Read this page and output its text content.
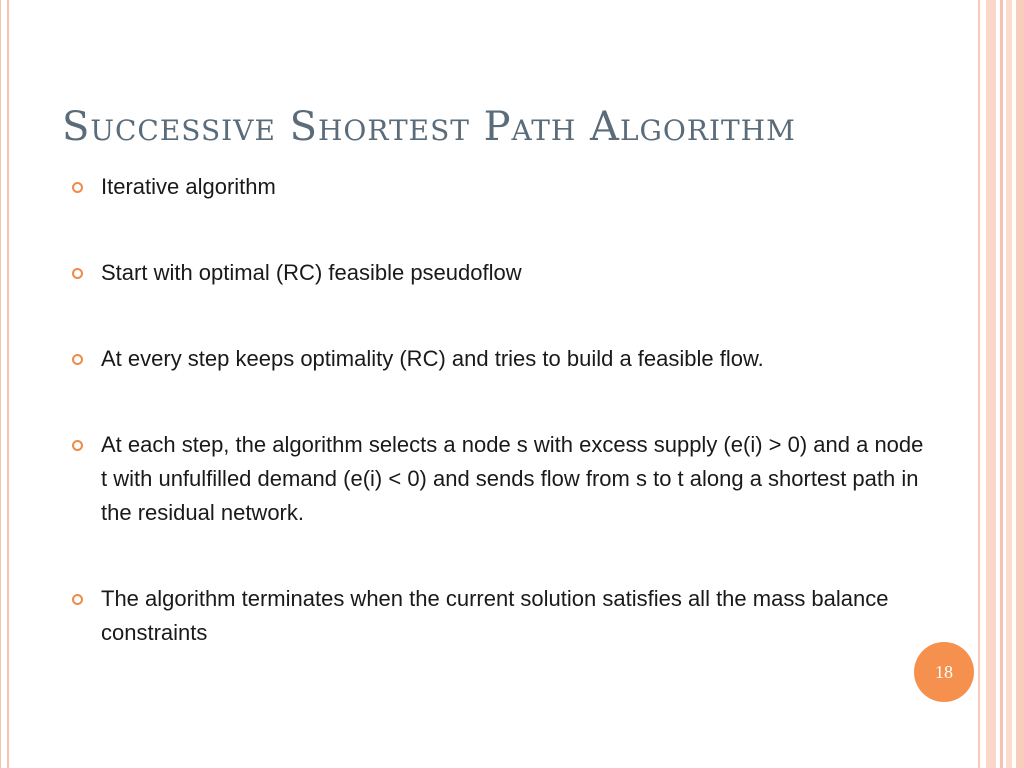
Successive Shortest Path Algorithm
Iterative algorithm
Start with optimal (RC) feasible pseudoflow
At every step keeps optimality (RC) and tries to build a feasible flow.
At each step, the algorithm selects a node s with excess supply (e(i) > 0) and a node t with unfulfilled demand (e(i) < 0) and sends flow from s to t along a shortest path in the residual network.
The algorithm terminates when the current solution satisfies all the mass balance constraints
18
